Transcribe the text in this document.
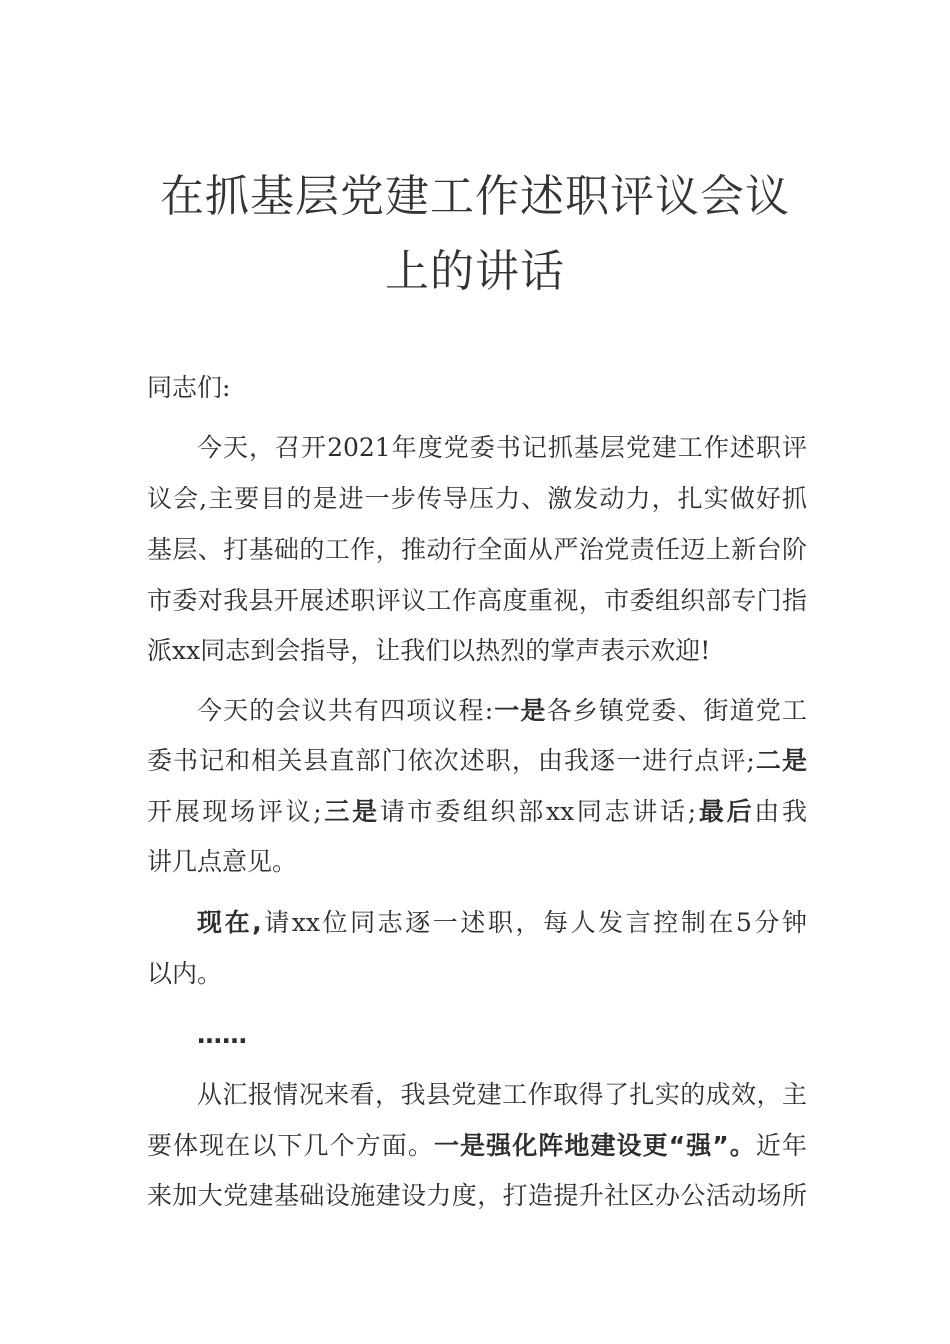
在抓基层党建工作述职评议会议
上的讲话
同志们:
今天，召开2021年度党委书记抓基层党建工作述职评
议会,主要目的是进一步传导压力、激发动力，扎实做好抓
基层、打基础的工作，推动行全面从严治党责任迈上新台阶
市委对我县开展述职评议工作高度重视，市委组织部专门指
派xx同志到会指导，让我们以热烈的掌声表示欢迎!
今天的会议共有四项议程:一是各乡镇党委、街道党工
委书记和相关县直部门依次述职，由我逐一进行点评;二是
开展现场评议;三是请市委组织部xx同志讲话;最后由我
讲几点意见。
现在,请xx位同志逐一述职，每人发言控制在5分钟
以内。
……
从汇报情况来看，我县党建工作取得了扎实的成效，主
要体现在以下几个方面。一是强化阵地建设更“强”。近年
来加大党建基础设施建设力度，打造提升社区办公活动场所
